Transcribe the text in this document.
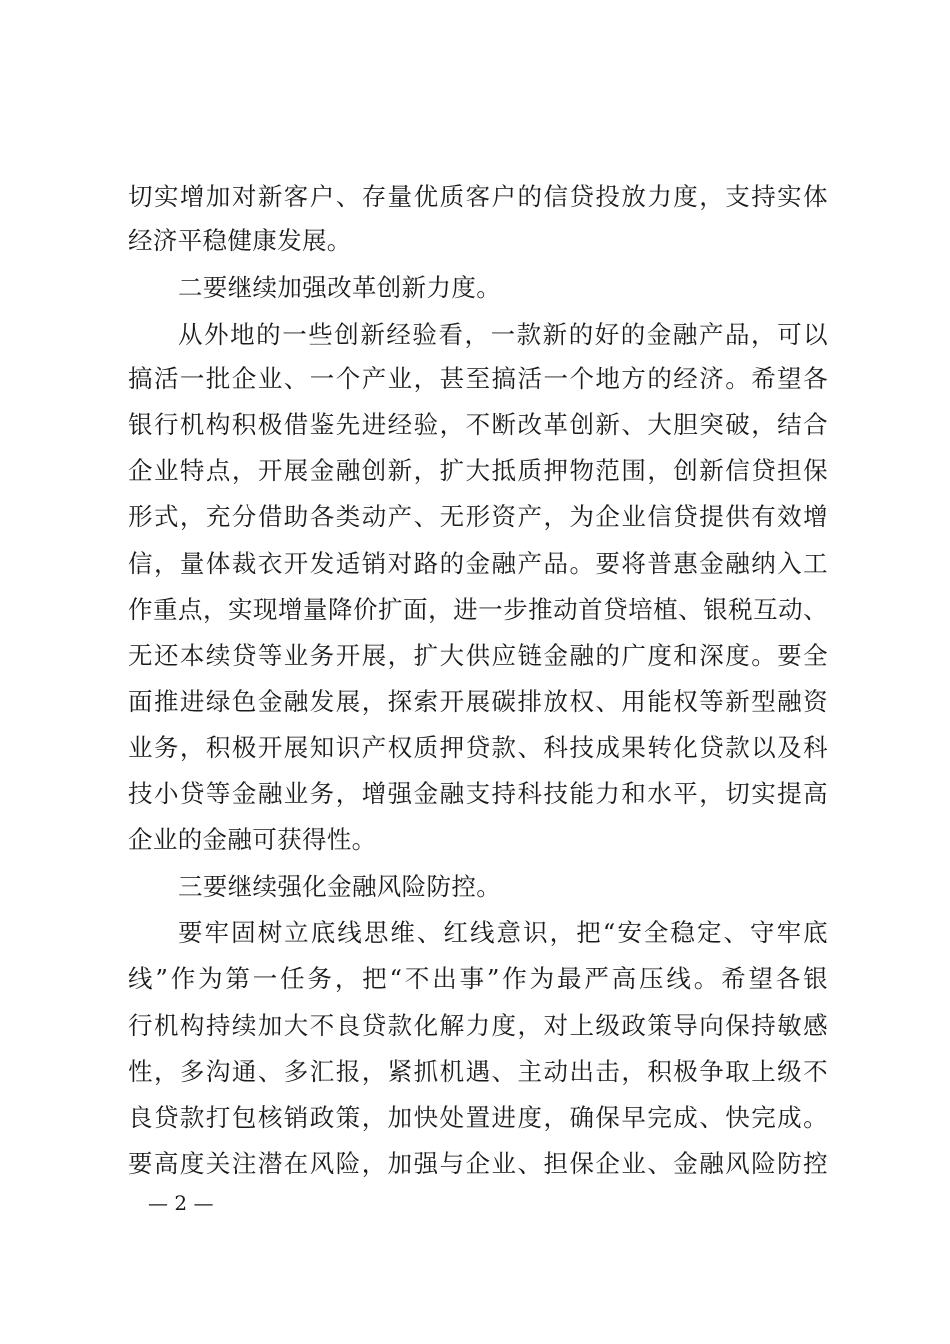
切实增加对新客户、存量优质客户的信贷投放力度，支持实体
经济平稳健康发展。
二要继续加强改革创新力度。
从外地的一些创新经验看，一款新的好的金融产品，可以
搞活一批企业、一个产业，甚至搞活一个地方的经济。希望各
银行机构积极借鉴先进经验，不断改革创新、大胆突破，结合
企业特点，开展金融创新，扩大抵质押物范围，创新信贷担保
形式，充分借助各类动产、无形资产，为企业信贷提供有效增
信，量体裁衣开发适销对路的金融产品。要将普惠金融纳入工
作重点，实现增量降价扩面，进一步推动首贷培植、银税互动、
无还本续贷等业务开展，扩大供应链金融的广度和深度。要全
面推进绿色金融发展，探索开展碳排放权、用能权等新型融资
业务，积极开展知识产权质押贷款、科技成果转化贷款以及科
技小贷等金融业务，增强金融支持科技能力和水平，切实提高
企业的金融可获得性。
三要继续强化金融风险防控。
要牢固树立底线思维、红线意识，把“安全稳定、守牢底
线”作为第一任务，把“不出事”作为最严高压线。希望各银
行机构持续加大不良贷款化解力度，对上级政策导向保持敏感
性，多沟通、多汇报，紧抓机遇、主动出击，积极争取上级不
良贷款打包核销政策，加快处置进度，确保早完成、快完成。
要高度关注潜在风险，加强与企业、担保企业、金融风险防控
— 2 —
